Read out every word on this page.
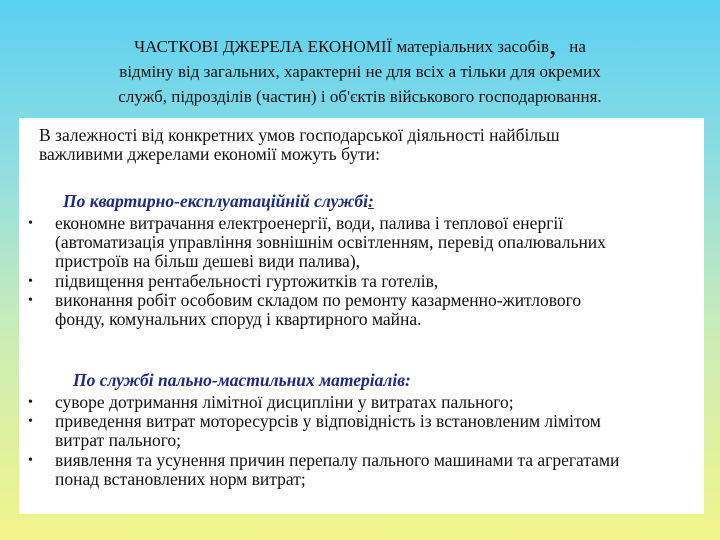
ЧАСТКОВІ ДЖЕРЕЛА ЕКОНОМІЇ матеріальних засобів, на
відміну від загальних, характерні не для всіх а тільки для окремих
служб, підрозділів (частин) і об'єктів військового господарювання.
В залежності від конкретних умов господарської діяльності найбільш
важливими джерелами економії можуть бути:
По квартирно-експлуатаційній службі:
• економне витрачання електроенергії, води, палива і теплової енергії
(автоматизація управління зовнішнім освітленням, перевід опалювальних
пристроїв на більш дешеві види палива),
• підвищення рентабельності гуртожитків та готелів,
• виконання робіт особовим складом по ремонту казарменно-житлового
фонду, комунальних споруд і квартирного майна.
По службі пально-мастильних матеріалів:
• суворе дотримання лімітної дисципліни у витратах пального;
• приведення витрат моторесурсів у відповідність із встановленим лімітом
витрат пального;
• виявлення та усунення причин перепалу пального машинами та агрегатами
понад встановлених норм витрат;
